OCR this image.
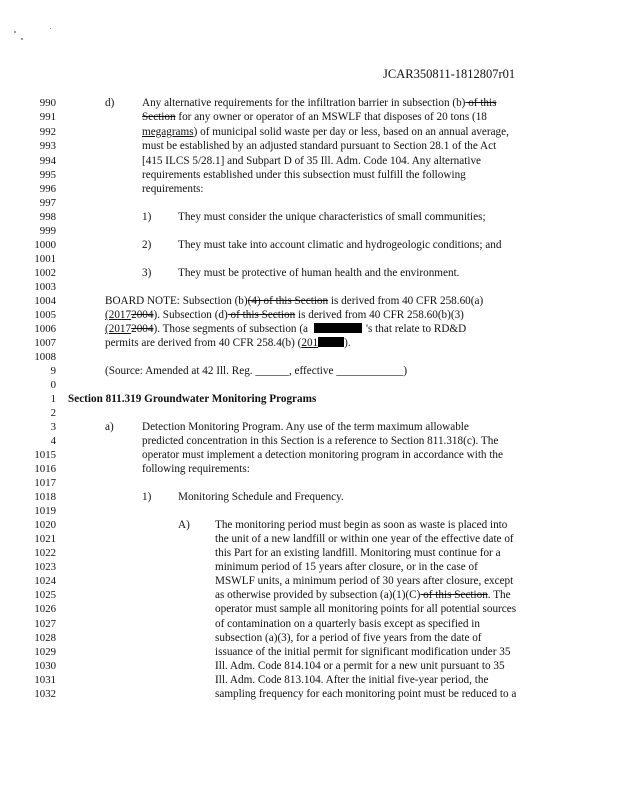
JCAR350811-1812807r01
990
991
992
993
994
995
996
997
998
999
1000
1001
1002
1003
1004
1005
1006
1007
1008
9
0
1
2
3
4
1015
1016
1017
1018
1019
1020
1021
1022
1023
1024
1025
1026
1027
1028
1029
1030
1031
1032
d) Any alternative requirements for the infiltration barrier in subsection (b) of this
Section for any owner or operator of an MSWLF that disposes of 20 tons (18
megagrams) of municipal solid waste per day or less, based on an annual average,
must be established by an adjusted standard pursuant to Section 28.1 of the Act
[415 ILCS 5/28.1] and Subpart D of 35 Ill. Adm. Code 104. Any alternative
requirements established under this subsection must fulfill the following
requirements:
1) They must consider the unique characteristics of small communities;
2) They must take into account climatic and hydrogeologic conditions; and
3) They must be protective of human health and the environment.
BOARD NOTE: Subsection (b)(4) of this Section is derived from 40 CFR 258.60(a)
(20172004). Subsection (d) of this Section is derived from 40 CFR 258.60(b)(3)
(20172004). Those segments of subsection (a	's that relate to RD&D
permits are derived from 40 CFR 258.4(b) (201 ).
(Source: Amended at 42 Ill. Reg. ______, effective ____________)
Section 811.319 Groundwater Monitoring Programs
a)	Detection Monitoring Program. Any use of the term maximum allowable
predicted concentration in this Section is a reference to Section 811.318(c). The
operator must implement a detection monitoring program in accordance with the
following requirements:
1) Monitoring Schedule and Frequency.
A) The monitoring period must begin as soon as waste is placed into
the unit of a new landfill or within one year of the effective date of
this Part for an existing landfill. Monitoring must continue for a
minimum period of 15 years after closure, or in the case of
MSWLF units, a minimum period of 30 years after closure, except
as otherwise provided by subsection (a)(1)(C) of this Section. The
operator must sample all monitoring points for all potential sources
of contamination on a quarterly basis except as specified in
subsection (a)(3), for a period of five years from the date of
issuance of the initial permit for significant modification under 35
Ill. Adm. Code 814.104 or a permit for a new unit pursuant to 35
Ill. Adm. Code 813.104. After the initial five-year period, the
sampling frequency for each monitoring point must be reduced to a
